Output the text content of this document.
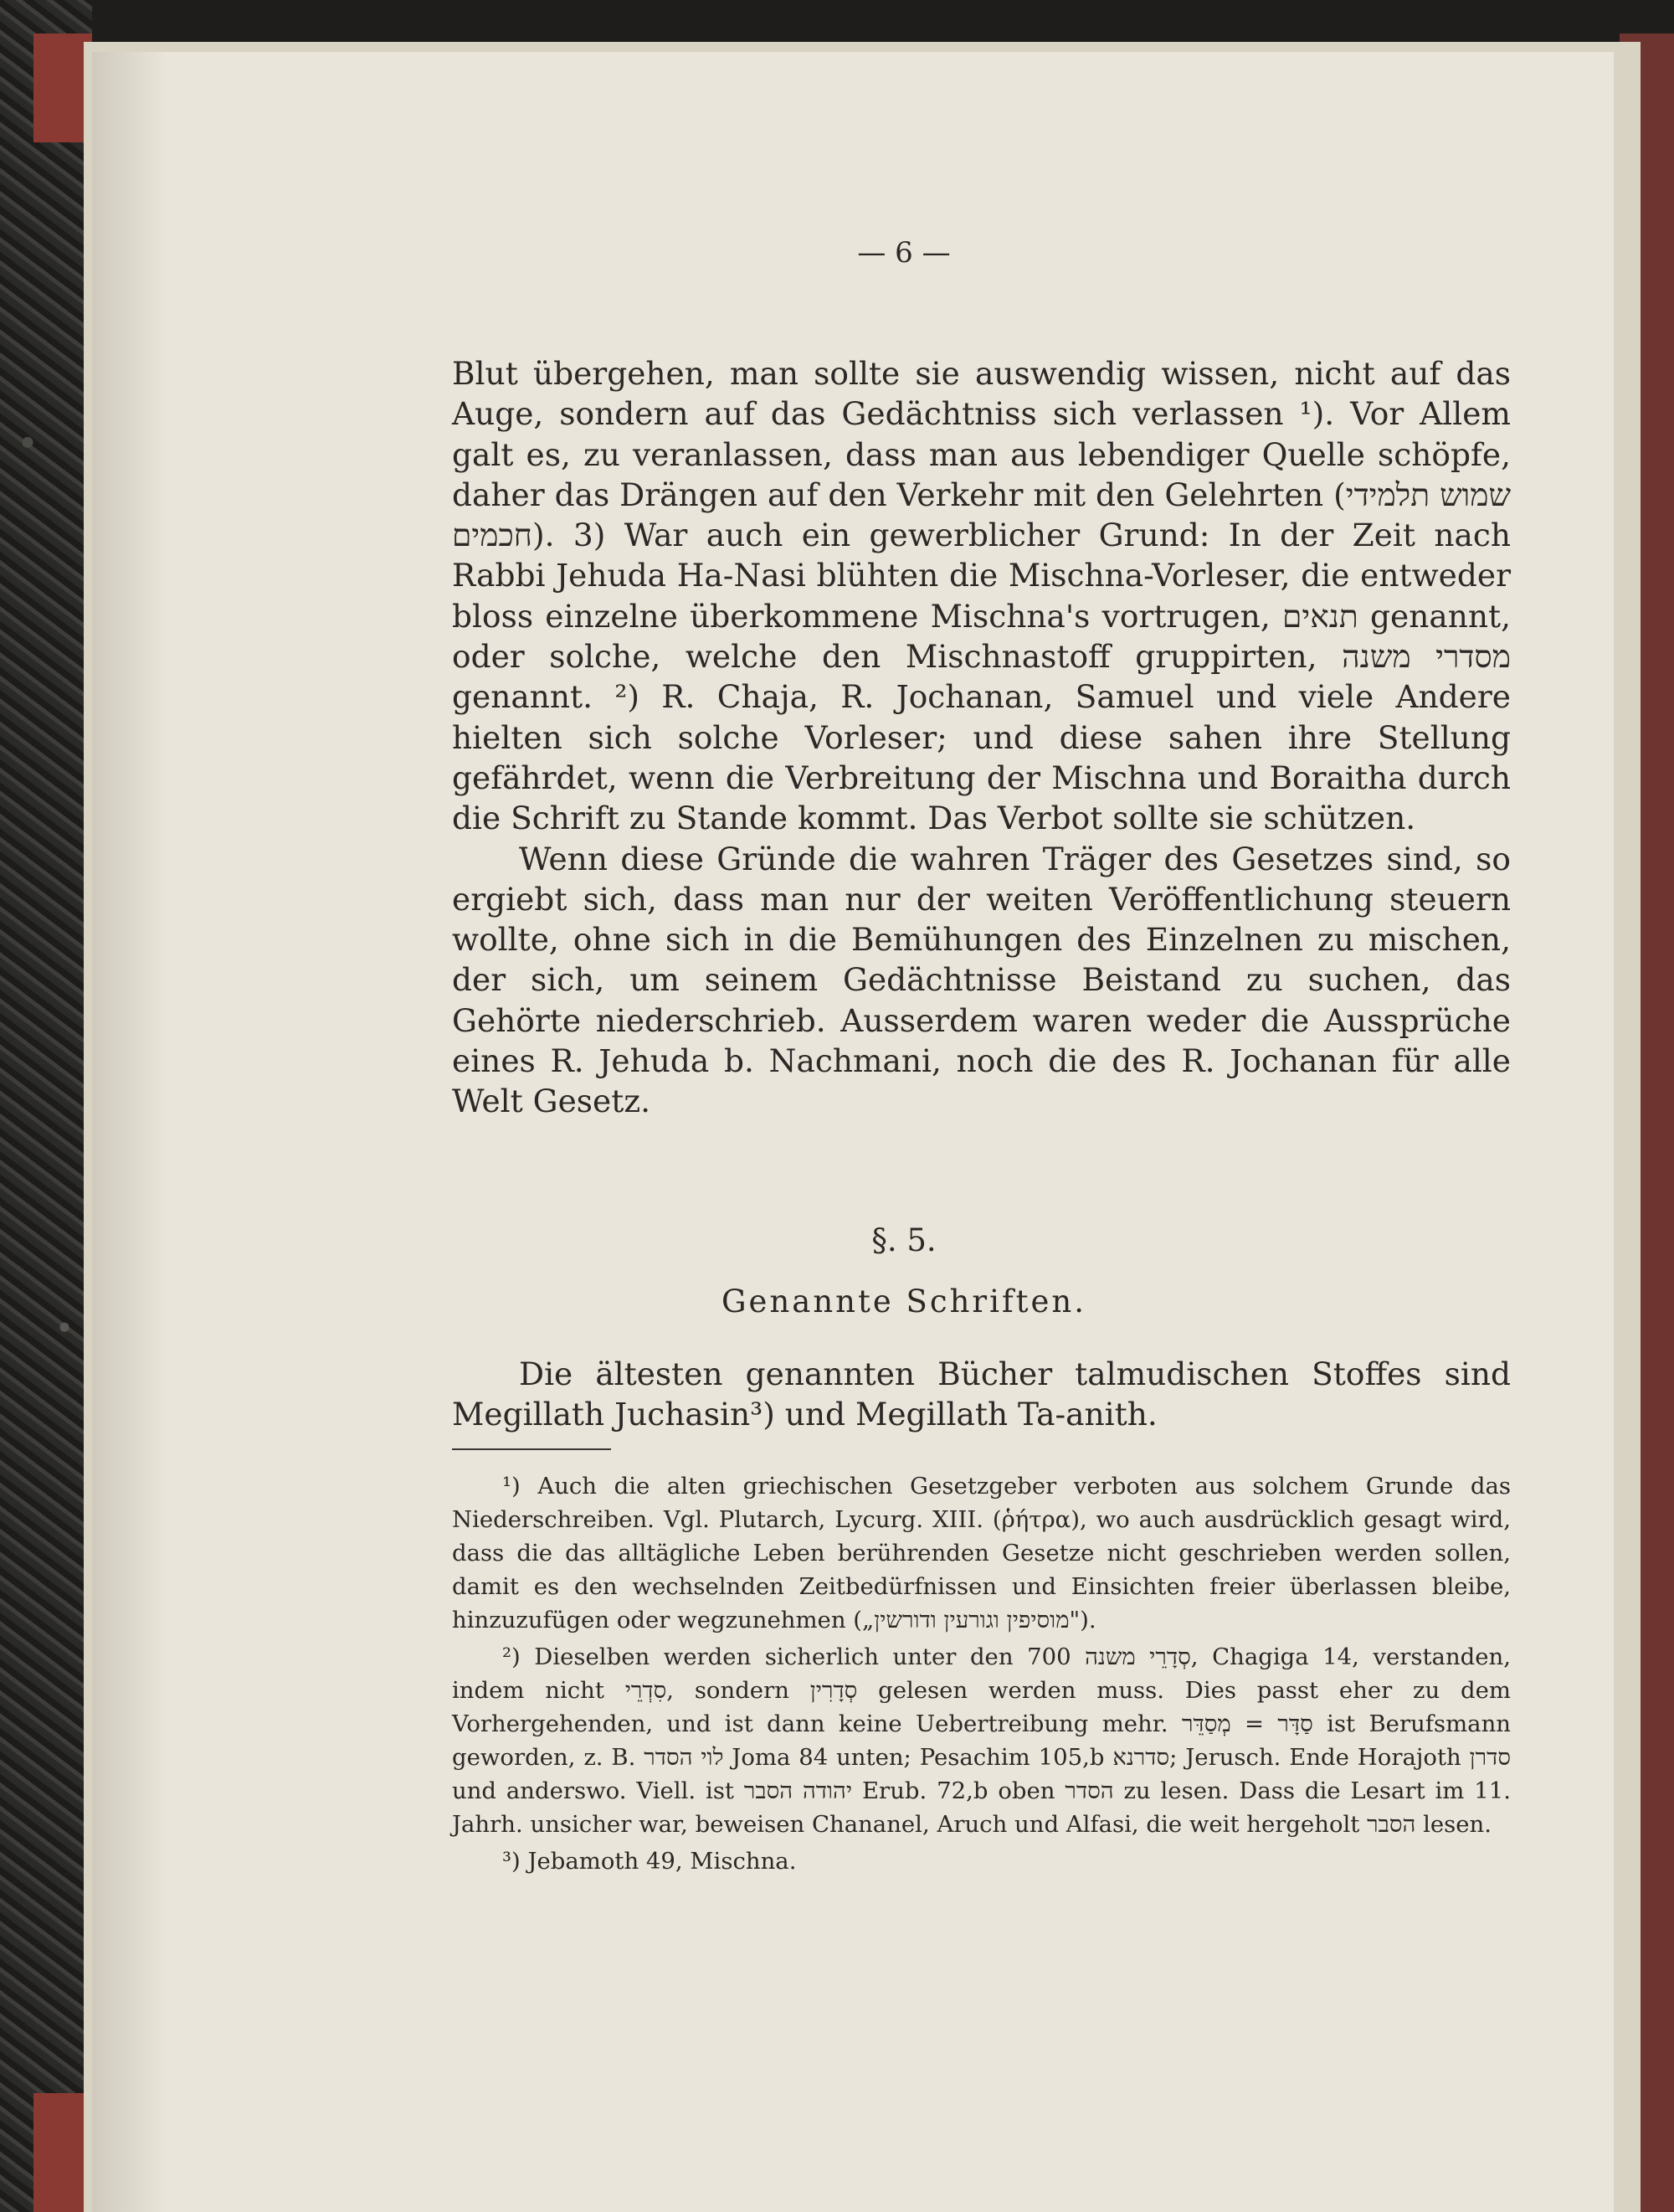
— 6 —

Blut übergehen, man sollte sie auswendig wissen, nicht auf das Auge, sondern auf das Gedächtniss sich verlassen ¹). Vor Allem galt es, zu veranlassen, dass man aus lebendiger Quelle schöpfe, daher das Drängen auf den Verkehr mit den Gelehrten (שמוש תלמידי חכמים). 3) War auch ein gewerblicher Grund: In der Zeit nach Rabbi Jehuda Ha-Nasi blühten die Mischna-Vorleser, die entweder bloss einzelne überkommene Mischna's vortrugen, תנאים genannt, oder solche, welche den Mischnastoff gruppirten, מסדרי משנה genannt. ²) R. Chaja, R. Jochanan, Samuel und viele Andere hielten sich solche Vorleser; und diese sahen ihre Stellung gefährdet, wenn die Verbreitung der Mischna und Boraitha durch die Schrift zu Stande kommt. Das Verbot sollte sie schützen.

Wenn diese Gründe die wahren Träger des Gesetzes sind, so ergiebt sich, dass man nur der weiten Veröffentlichung steuern wollte, ohne sich in die Bemühungen des Einzelnen zu mischen, der sich, um seinem Gedächtnisse Beistand zu suchen, das Gehörte niederschrieb. Ausserdem waren weder die Aussprüche eines R. Jehuda b. Nachmani, noch die des R. Jochanan für alle Welt Gesetz.

§. 5.
Genannte Schriften.

Die ältesten genannten Bücher talmudischen Stoffes sind Megillath Juchasin³) und Megillath Ta-anith.

¹) Auch die alten griechischen Gesetzgeber verboten aus solchem Grunde das Niederschreiben. Vgl. Plutarch, Lycurg. XIII. (ῥήτρα), wo auch ausdrücklich gesagt wird, dass die das alltägliche Leben berührenden Gesetze nicht geschrieben werden sollen, damit es den wechselnden Zeitbedürfnissen und Einsichten freier überlassen bleibe, hinzuzufügen oder wegzunehmen („מוסיפין וגורעין ודורשין").

²) Dieselben werden sicherlich unter den 700 סְדָרֵי משנה, Chagiga 14, verstanden, indem nicht סִדְרֵי, sondern סְדָרִין gelesen werden muss. Dies passt eher zu dem Vorhergehenden, und ist dann keine Uebertreibung mehr. סַדָּר = מְסַדֵּר ist Berufsmann geworden, z. B. לוי הסדר Joma 84 unten; Pesachim 105,b סדרנא; Jerusch. Ende Horajoth סדרן und anderswo. Viell. ist יהודה הסבר Erub. 72,b oben הסדר zu lesen. Dass die Lesart im 11. Jahrh. unsicher war, beweisen Chananel, Aruch und Alfasi, die weit hergeholt הסבר lesen.

³) Jebamoth 49, Mischna.
